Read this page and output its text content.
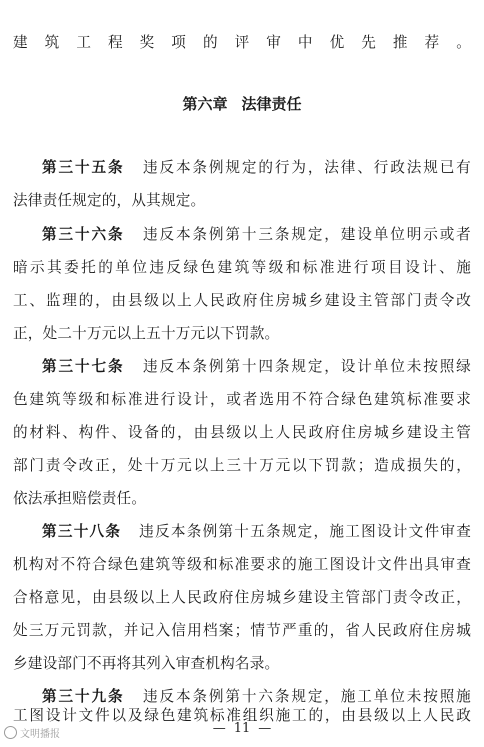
建筑工程奖项的评审中优先推荐。
第六章 法律责任
第三十五条 违反本条例规定的行为，法律、行政法规已有
法律责任规定的，从其规定。
第三十六条 违反本条例第十三条规定，建设单位明示或者
暗示其委托的单位违反绿色建筑等级和标准进行项目设计、施
工、监理的，由县级以上人民政府住房城乡建设主管部门责令改
正，处二十万元以上五十万元以下罚款。
第三十七条 违反本条例第十四条规定，设计单位未按照绿
色建筑等级和标准进行设计，或者选用不符合绿色建筑标准要求
的材料、构件、设备的，由县级以上人民政府住房城乡建设主管
部门责令改正，处十万元以上三十万元以下罚款；造成损失的，
依法承担赔偿责任。
第三十八条 违反本条例第十五条规定，施工图设计文件审查
机构对不符合绿色建筑等级和标准要求的施工图设计文件出具审查
合格意见，由县级以上人民政府住房城乡建设主管部门责令改正，
处三万元罚款，并记入信用档案；情节严重的，省人民政府住房城
乡建设部门不再将其列入审查机构名录。
第三十九条 违反本条例第十六条规定，施工单位未按照施
工图设计文件以及绿色建筑标准组织施工的，由县级以上人民政
— 11 —
文明播报
